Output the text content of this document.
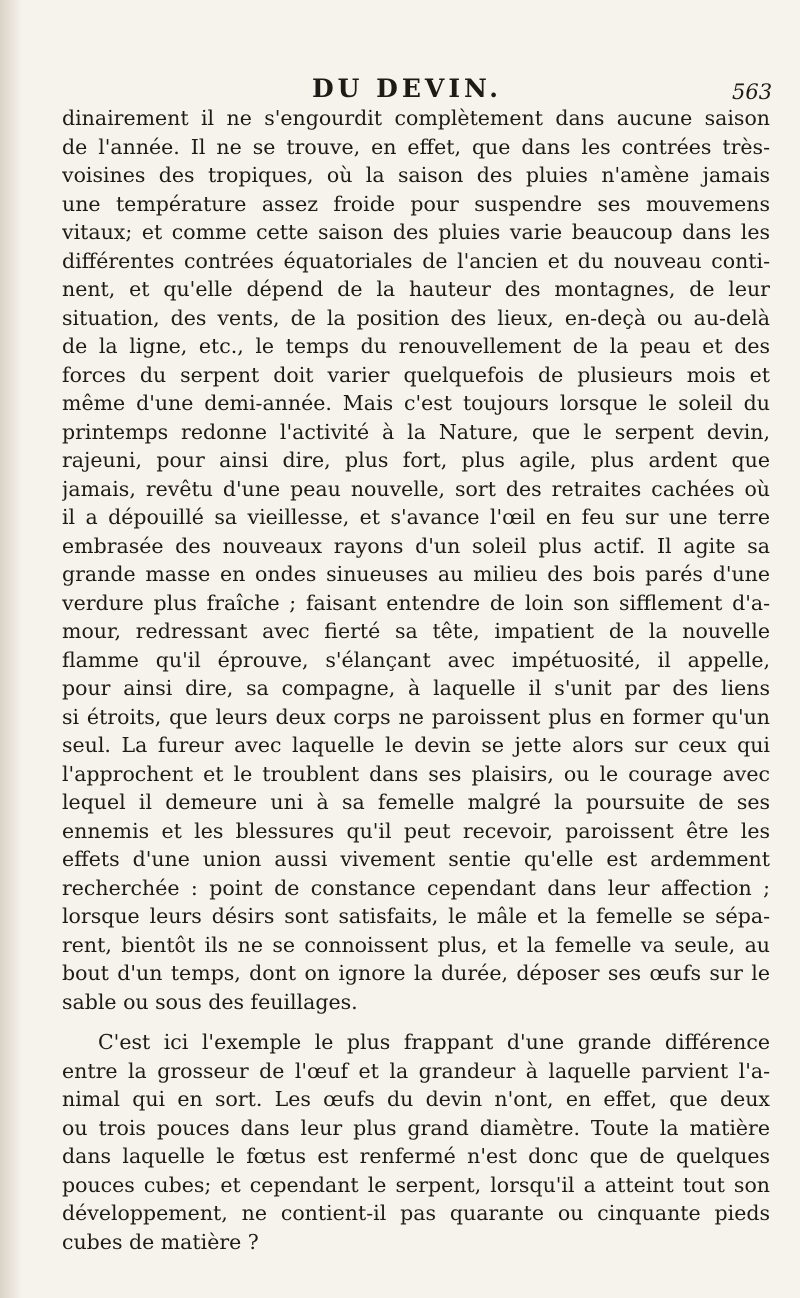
DU DEVIN.	563
dinairement il ne s'engourdit complètement dans aucune saison
de l'année. Il ne se trouve, en effet, que dans les contrées très-
voisines des tropiques, où la saison des pluies n'amène jamais
une température assez froide pour suspendre ses mouvemens
vitaux; et comme cette saison des pluies varie beaucoup dans les
différentes contrées équatoriales de l'ancien et du nouveau conti-
nent, et qu'elle dépend de la hauteur des montagnes, de leur
situation, des vents, de la position des lieux, en-deçà ou au-delà
de la ligne, etc., le temps du renouvellement de la peau et des
forces du serpent doit varier quelquefois de plusieurs mois et
même d'une demi-année. Mais c'est toujours lorsque le soleil du
printemps redonne l'activité à la Nature, que le serpent devin,
rajeuni, pour ainsi dire, plus fort, plus agile, plus ardent que
jamais, revêtu d'une peau nouvelle, sort des retraites cachées où
il a dépouillé sa vieillesse, et s'avance l'œil en feu sur une terre
embrasée des nouveaux rayons d'un soleil plus actif. Il agite sa
grande masse en ondes sinueuses au milieu des bois parés d'une
verdure plus fraîche ; faisant entendre de loin son sifflement d'a-
mour, redressant avec fierté sa tête, impatient de la nouvelle
flamme qu'il éprouve, s'élançant avec impétuosité, il appelle,
pour ainsi dire, sa compagne, à laquelle il s'unit par des liens
si étroits, que leurs deux corps ne paroissent plus en former qu'un
seul. La fureur avec laquelle le devin se jette alors sur ceux qui
l'approchent et le troublent dans ses plaisirs, ou le courage avec
lequel il demeure uni à sa femelle malgré la poursuite de ses
ennemis et les blessures qu'il peut recevoir, paroissent être les
effets d'une union aussi vivement sentie qu'elle est ardemment
recherchée : point de constance cependant dans leur affection ;
lorsque leurs désirs sont satisfaits, le mâle et la femelle se sépa-
rent, bientôt ils ne se connoissent plus, et la femelle va seule, au
bout d'un temps, dont on ignore la durée, déposer ses œufs sur le
sable ou sous des feuillages.
C'est ici l'exemple le plus frappant d'une grande différence
entre la grosseur de l'œuf et la grandeur à laquelle parvient l'a-
nimal qui en sort. Les œufs du devin n'ont, en effet, que deux
ou trois pouces dans leur plus grand diamètre. Toute la matière
dans laquelle le fœtus est renfermé n'est donc que de quelques
pouces cubes; et cependant le serpent, lorsqu'il a atteint tout son
développement, ne contient-il pas quarante ou cinquante pieds
cubes de matière ?
